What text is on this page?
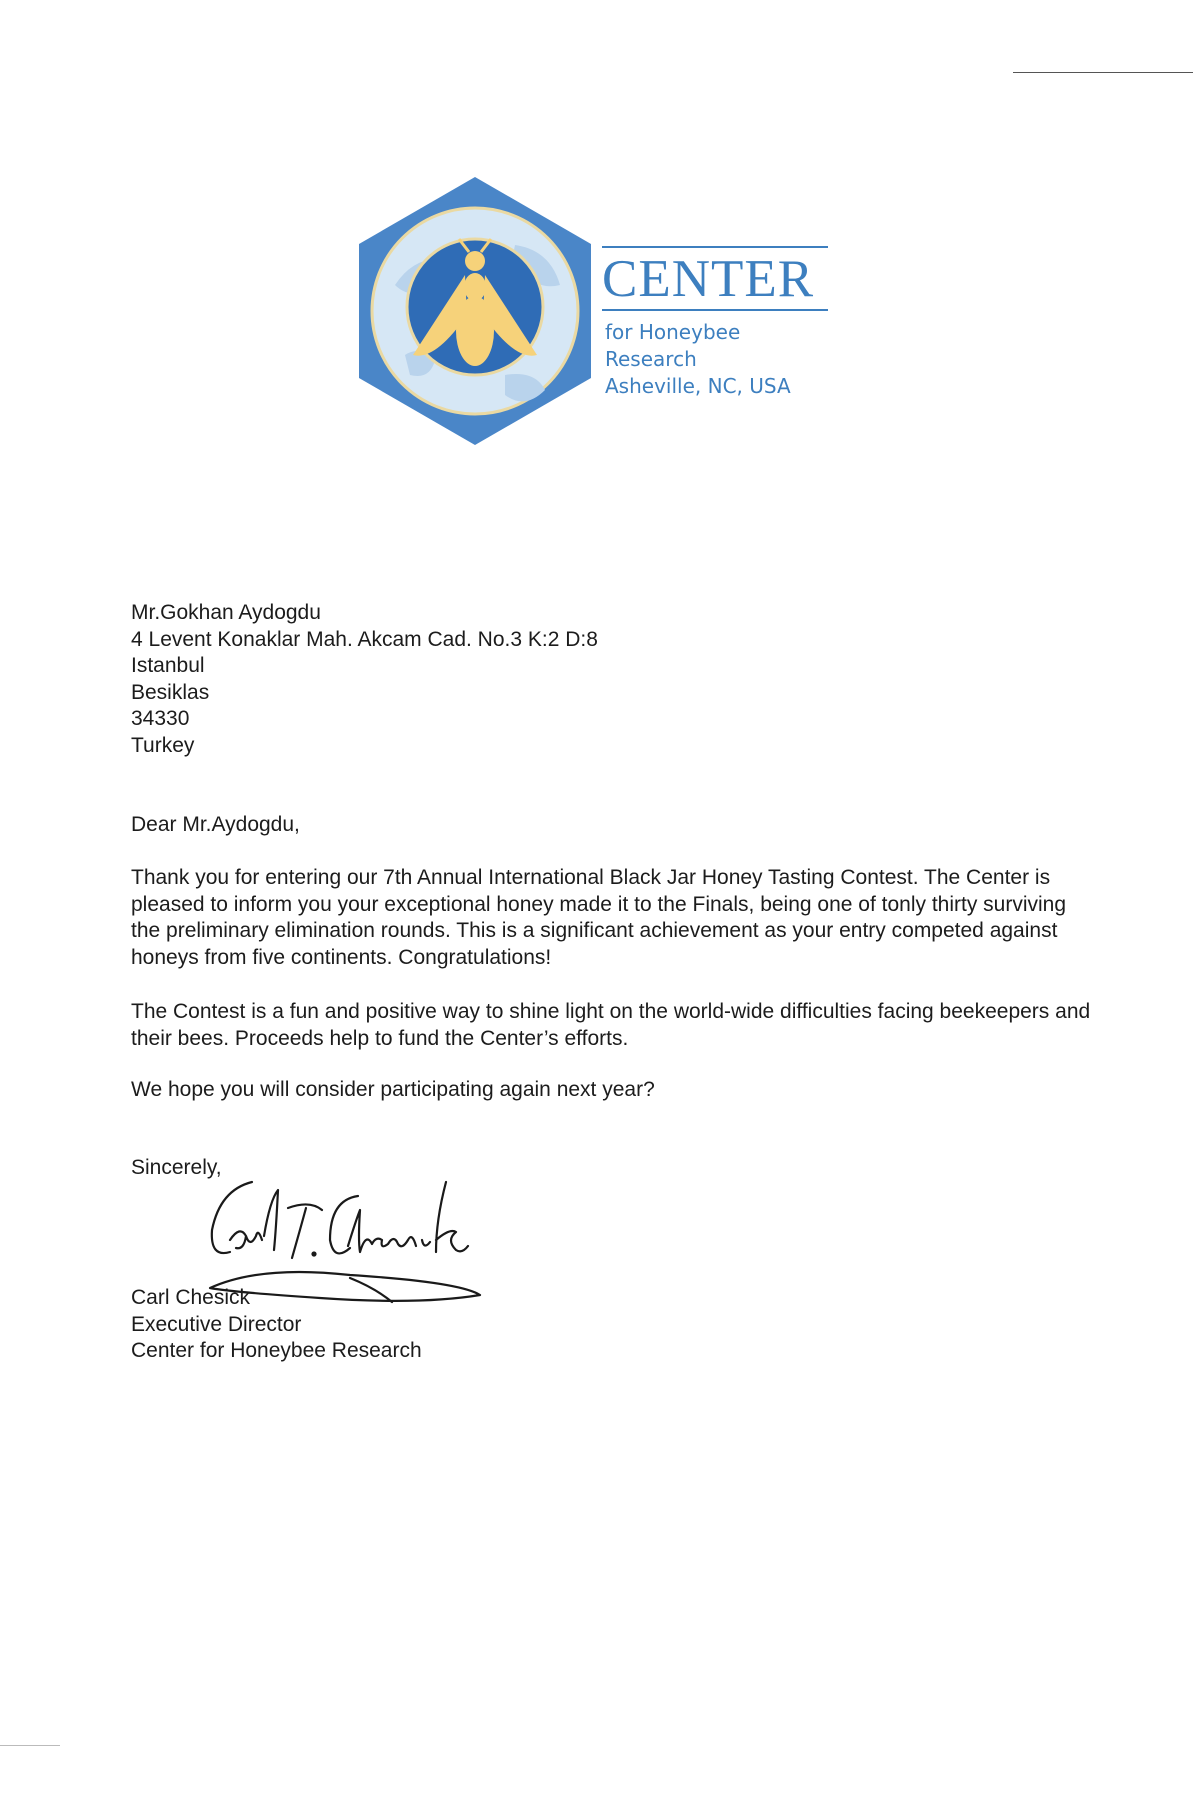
CENTER
for Honeybee Research
Asheville, NC, USA
Mr.Gokhan Aydogdu
4 Levent Konaklar Mah. Akcam Cad. No.3 K:2 D:8
Istanbul
Besiklas
34330
Turkey
Dear Mr.Aydogdu,
Thank you for entering our 7th Annual International Black Jar Honey Tasting Contest. The Center is pleased to inform you your exceptional honey made it to the Finals, being one of tonly thirty surviving the preliminary elimination rounds. This is a significant achievement as your entry competed against honeys from five continents. Congratulations!
The Contest is a fun and positive way to shine light on the world-wide difficulties facing beekeepers and their bees. Proceeds help to fund the Center’s efforts.
We hope you will consider participating again next year?
Sincerely,
Carl Chesick
Executive Director
Center for Honeybee Research
